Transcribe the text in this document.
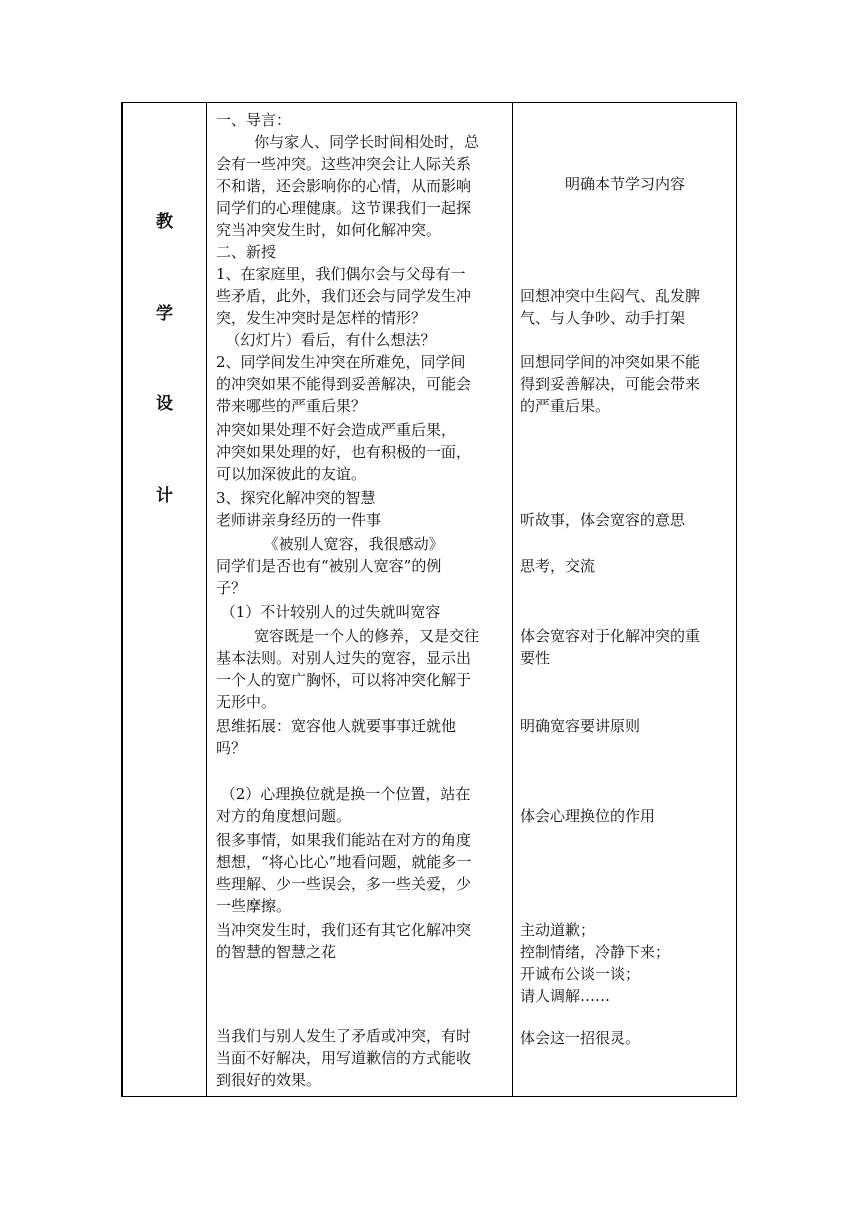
教
学
设
计
一、导言：
你与家人、同学长时间相处时，总
会有一些冲突。这些冲突会让人际关系
不和谐，还会影响你的心情，从而影响
同学们的心理健康。这节课我们一起探
究当冲突发生时，如何化解冲突。
二、新授
1、在家庭里，我们偶尔会与父母有一
些矛盾，此外，我们还会与同学发生冲
突，发生冲突时是怎样的情形？
（幻灯片）看后，有什么想法？
2、同学间发生冲突在所难免，同学间
的冲突如果不能得到妥善解决，可能会
带来哪些的严重后果？
冲突如果处理不好会造成严重后果，
冲突如果处理的好，也有积极的一面，
可以加深彼此的友谊。
3、探究化解冲突的智慧
老师讲亲身经历的一件事
《被别人宽容，我很感动》
同学们是否也有“被别人宽容”的例
子？
（1）不计较别人的过失就叫宽容
宽容既是一个人的修养，又是交往
基本法则。对别人过失的宽容，显示出
一个人的宽广胸怀，可以将冲突化解于
无形中。
思维拓展：宽容他人就要事事迁就他
吗？
（2）心理换位就是换一个位置，站在
对方的角度想问题。
很多事情，如果我们能站在对方的角度
想想，“将心比心”地看问题，就能多一
些理解、少一些误会，多一些关爱，少
一些摩擦。
当冲突发生时，我们还有其它化解冲突
的智慧的智慧之花
当我们与别人发生了矛盾或冲突，有时
当面不好解决，用写道歉信的方式能收
到很好的效果。
明确本节学习内容
回想冲突中生闷气、乱发脾
气、与人争吵、动手打架
回想同学间的冲突如果不能
得到妥善解决，可能会带来
的严重后果。
听故事，体会宽容的意思
思考，交流
体会宽容对于化解冲突的重
要性
明确宽容要讲原则
体会心理换位的作用
主动道歉；
控制情绪，冷静下来；
开诚布公谈一谈；
请人调解……
体会这一招很灵。
